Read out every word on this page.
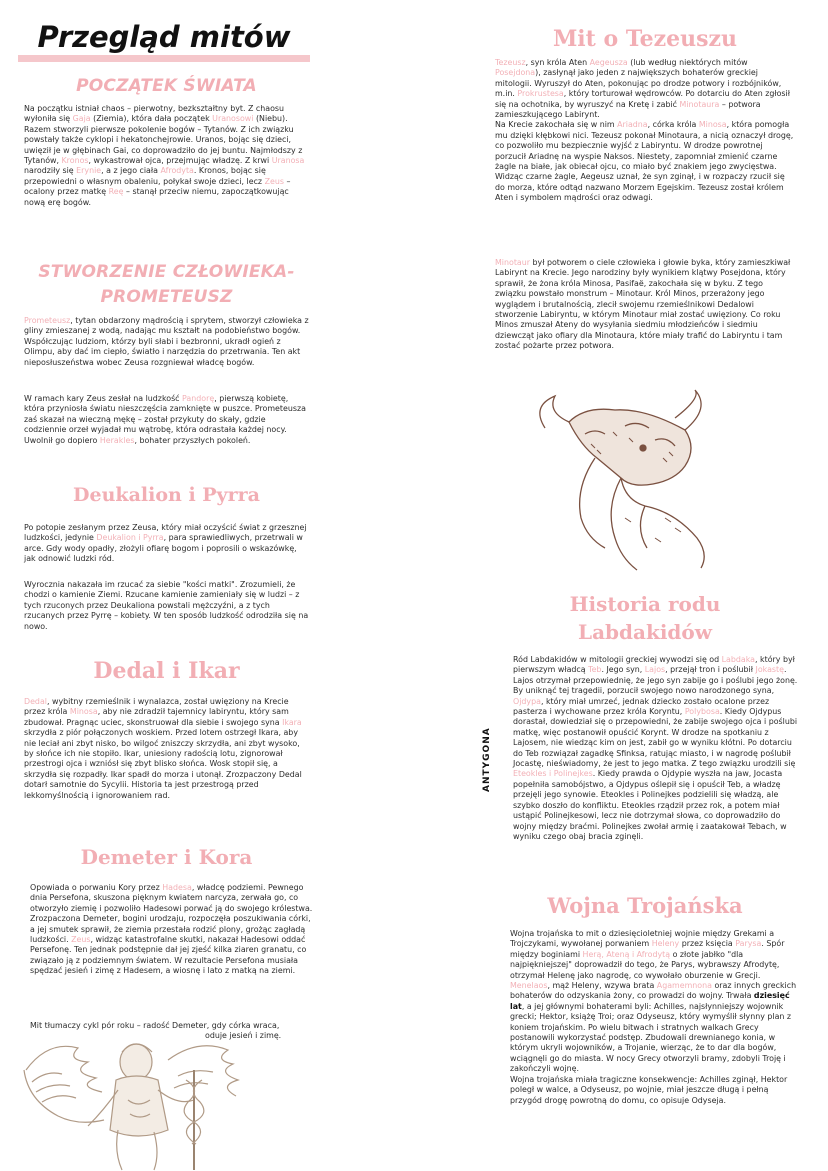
Przegląd mitów
POCZĄTEK ŚWIATA

Na początku istniał chaos – pierwotny, bezkształtny byt. Z chaosu wyłoniła się Gaja (Ziemia), która dała początek Uranosowi (Niebu). Razem stworzyli pierwsze pokolenie bogów – Tytanów. Z ich związku powstały także cyklopi i hekatonchejrowie. Uranos, bojąc się dzieci, uwięził je w głębinach Gai, co doprowadziło do jej buntu. Najmłodszy z Tytanów, Kronos, wykastrował ojca, przejmując władzę. Z krwi Uranosa narodziły się Erynie, a z jego ciała Afrodyta. Kronos, bojąc się przepowiedni o własnym obaleniu, połykał swoje dzieci, lecz Zeus – ocalony przez matkę Reę – stanął przeciw niemu, zapoczątkowując nową erę bogów.

STWORZENIE CZŁOWIEKA-
PROMETEUSZ

Prometeusz, tytan obdarzony mądrością i sprytem, stworzył człowieka z gliny zmieszanej z wodą, nadając mu kształt na podobieństwo bogów. Współczując ludziom, którzy byli słabi i bezbronni, ukradł ogień z Olimpu, aby dać im ciepło, światło i narzędzia do przetrwania. Ten akt nieposłuszeństwa wobec Zeusa rozgniewał władcę bogów.

W ramach kary Zeus zesłał na ludzkość Pandorę, pierwszą kobietę, która przyniosła światu nieszczęścia zamknięte w puszce. Prometeusza zaś skazał na wieczną mękę – został przykuty do skały, gdzie codziennie orzeł wyjadał mu wątrobę, która odrastała każdej nocy. Uwolnił go dopiero Herakles, bohater przyszłych pokoleń.

Deukalion i Pyrra

Po potopie zesłanym przez Zeusa, który miał oczyścić świat z grzesznej ludzkości, jedynie Deukalion i Pyrra, para sprawiedliwych, przetrwali w arce. Gdy wody opadły, złożyli ofiarę bogom i poprosili o wskazówkę, jak odnowić ludzki ród.

Wyrocznia nakazała im rzucać za siebie "kości matki". Zrozumieli, że chodzi o kamienie Ziemi. Rzucane kamienie zamieniały się w ludzi – z tych rzuconych przez Deukaliona powstali mężczyźni, a z tych rzucanych przez Pyrrę – kobiety. W ten sposób ludzkość odrodziła się na nowo.

Dedal i Ikar

Dedal, wybitny rzemieślnik i wynalazca, został uwięziony na Krecie przez króla Minosa, aby nie zdradził tajemnicy labiryntu, który sam zbudował. Pragnąc uciec, skonstruował dla siebie i swojego syna Ikara skrzydła z piór połączonych woskiem. Przed lotem ostrzegł Ikara, aby nie leciał ani zbyt nisko, bo wilgoć zniszczy skrzydła, ani zbyt wysoko, by słońce ich nie stopiło. Ikar, uniesiony radością lotu, zignorował przestrogi ojca i wzniósł się zbyt blisko słońca. Wosk stopił się, a skrzydła się rozpadły. Ikar spadł do morza i utonął. Zrozpaczony Dedal dotarł samotnie do Sycylii. Historia ta jest przestrogą przed lekkomyślnością i ignorowaniem rad.

Demeter i Kora

Opowiada o porwaniu Kory przez Hadesa, władcę podziemi. Pewnego dnia Persefona, skuszona pięknym kwiatem narcyza, zerwała go, co otworzyło ziemię i pozwoliło Hadesowi porwać ją do swojego królestwa. Zrozpaczona Demeter, bogini urodzaju, rozpoczęła poszukiwania córki, a jej smutek sprawił, że ziemia przestała rodzić plony, grożąc zagładą ludzkości. Zeus, widząc katastrofalne skutki, nakazał Hadesowi oddać Persefonę. Ten jednak podstępnie dał jej zjeść kilka ziaren granatu, co związało ją z podziemnym światem. W rezultacie Persefona musiała spędzać jesień i zimę z Hadesem, a wiosnę i lato z matką na ziemi.

Mit tłumaczy cykl pór roku – radość Demeter, gdy córka wraca,
oduje jesień i zimę.

Mit o Tezeuszu

Tezeusz, syn króla Aten Aegeusza (lub według niektórych mitów Posejdona), zasłynął jako jeden z największych bohaterów greckiej mitologii. Wyruszył do Aten, pokonując po drodze potwory i rozbójników, m.in. Prokrustesa, który torturował wędrowców. Po dotarciu do Aten zgłosił się na ochotnika, by wyruszyć na Kretę i zabić Minotaura – potwora zamieszkującego Labirynt.
Na Krecie zakochała się w nim Ariadna, córka króla Minosa, która pomogła mu dzięki kłębkowi nici. Tezeusz pokonał Minotaura, a nicią oznaczył drogę, co pozwoliło mu bezpiecznie wyjść z Labiryntu. W drodze powrotnej porzucił Ariadnę na wyspie Naksos. Niestety, zapomniał zmienić czarne żagle na białe, jak obiecał ojcu, co miało być znakiem jego zwycięstwa. Widząc czarne żagle, Aegeusz uznał, że syn zginął, i w rozpaczy rzucił się do morza, które odtąd nazwano Morzem Egejskim. Tezeusz został królem Aten i symbolem mądrości oraz odwagi.

Minotaur był potworem o ciele człowieka i głowie byka, który zamieszkiwał Labirynt na Krecie. Jego narodziny były wynikiem klątwy Posejdona, który sprawił, że żona króla Minosa, Pasifaë, zakochała się w byku. Z tego związku powstało monstrum – Minotaur. Król Minos, przerażony jego wyglądem i brutalnością, zlecił swojemu rzemieślnikowi Dedalowi stworzenie Labiryntu, w którym Minotaur miał zostać uwięziony. Co roku Minos zmuszał Ateny do wysyłania siedmiu młodzieńców i siedmiu dziewcząt jako ofiary dla Minotaura, które miały trafić do Labiryntu i tam zostać pożarte przez potwora.

Historia rodu
Labdakidów
ANTYGONA

Ród Labdakidów w mitologii greckiej wywodzi się od Labdaka, który był pierwszym władcą Teb. Jego syn, Lajos, przejął tron i poślubił Jokastę. Lajos otrzymał przepowiednię, że jego syn zabije go i poślubi jego żonę. By uniknąć tej tragedii, porzucił swojego nowo narodzonego syna, Ojdypa, który miał umrzeć, jednak dziecko zostało ocalone przez pasterza i wychowane przez króla Koryntu, Polybosa. Kiedy Ojdypus dorastał, dowiedział się o przepowiedni, że zabije swojego ojca i poślubi matkę, więc postanowił opuścić Korynt. W drodze na spotkaniu z Lajosem, nie wiedząc kim on jest, zabił go w wyniku kłótni. Po dotarciu do Teb rozwiązał zagadkę Sfinksa, ratując miasto, i w nagrodę poślubił Jocastę, nieświadomy, że jest to jego matka. Z tego związku urodzili się Eteokles i Polinejkes. Kiedy prawda o Ojdypie wyszła na jaw, Jocasta popełniła samobójstwo, a Ojdypus oślepił się i opuścił Teb, a władzę przejęli jego synowie. Eteokles i Polinejkes podzielili się władzą, ale szybko doszło do konfliktu. Eteokles rządził przez rok, a potem miał ustąpić Polinejkesowi, lecz nie dotrzymał słowa, co doprowadziło do wojny między braćmi. Polinejkes zwołał armię i zaatakował Tebach, w wyniku czego obaj bracia zginęli.

Wojna Trojańska

Wojna trojańska to mit o dziesięcioletniej wojnie między Grekami a Trojczykami, wywołanej porwaniem Heleny przez księcia Parysa. Spór między boginiami Herą, Ateną i Afrodytą o złote jabłko "dla najpiękniejszej" doprowadził do tego, że Parys, wybrawszy Afrodytę, otrzymał Helenę jako nagrodę, co wywołało oburzenie w Grecji. Menelaos, mąż Heleny, wzywa brata Agamemnona oraz innych greckich bohaterów do odzyskania żony, co prowadzi do wojny. Trwała dziesięć lat, a jej głównymi bohaterami byli: Achilles, najsłynniejszy wojownik grecki; Hektor, książę Troi; oraz Odyseusz, który wymyślił słynny plan z koniem trojańskim. Po wielu bitwach i stratnych walkach Grecy postanowili wykorzystać podstęp. Zbudowali drewnianego konia, w którym ukryli wojowników, a Trojanie, wierząc, że to dar dla bogów, wciągnęli go do miasta. W nocy Grecy otworzyli bramy, zdobyli Troję i zakończyli wojnę.
Wojna trojańska miała tragiczne konsekwencje: Achilles zginął, Hektor poległ w walce, a Odyseusz, po wojnie, miał jeszcze długą i pełną przygód drogę powrotną do domu, co opisuje Odyseja.
